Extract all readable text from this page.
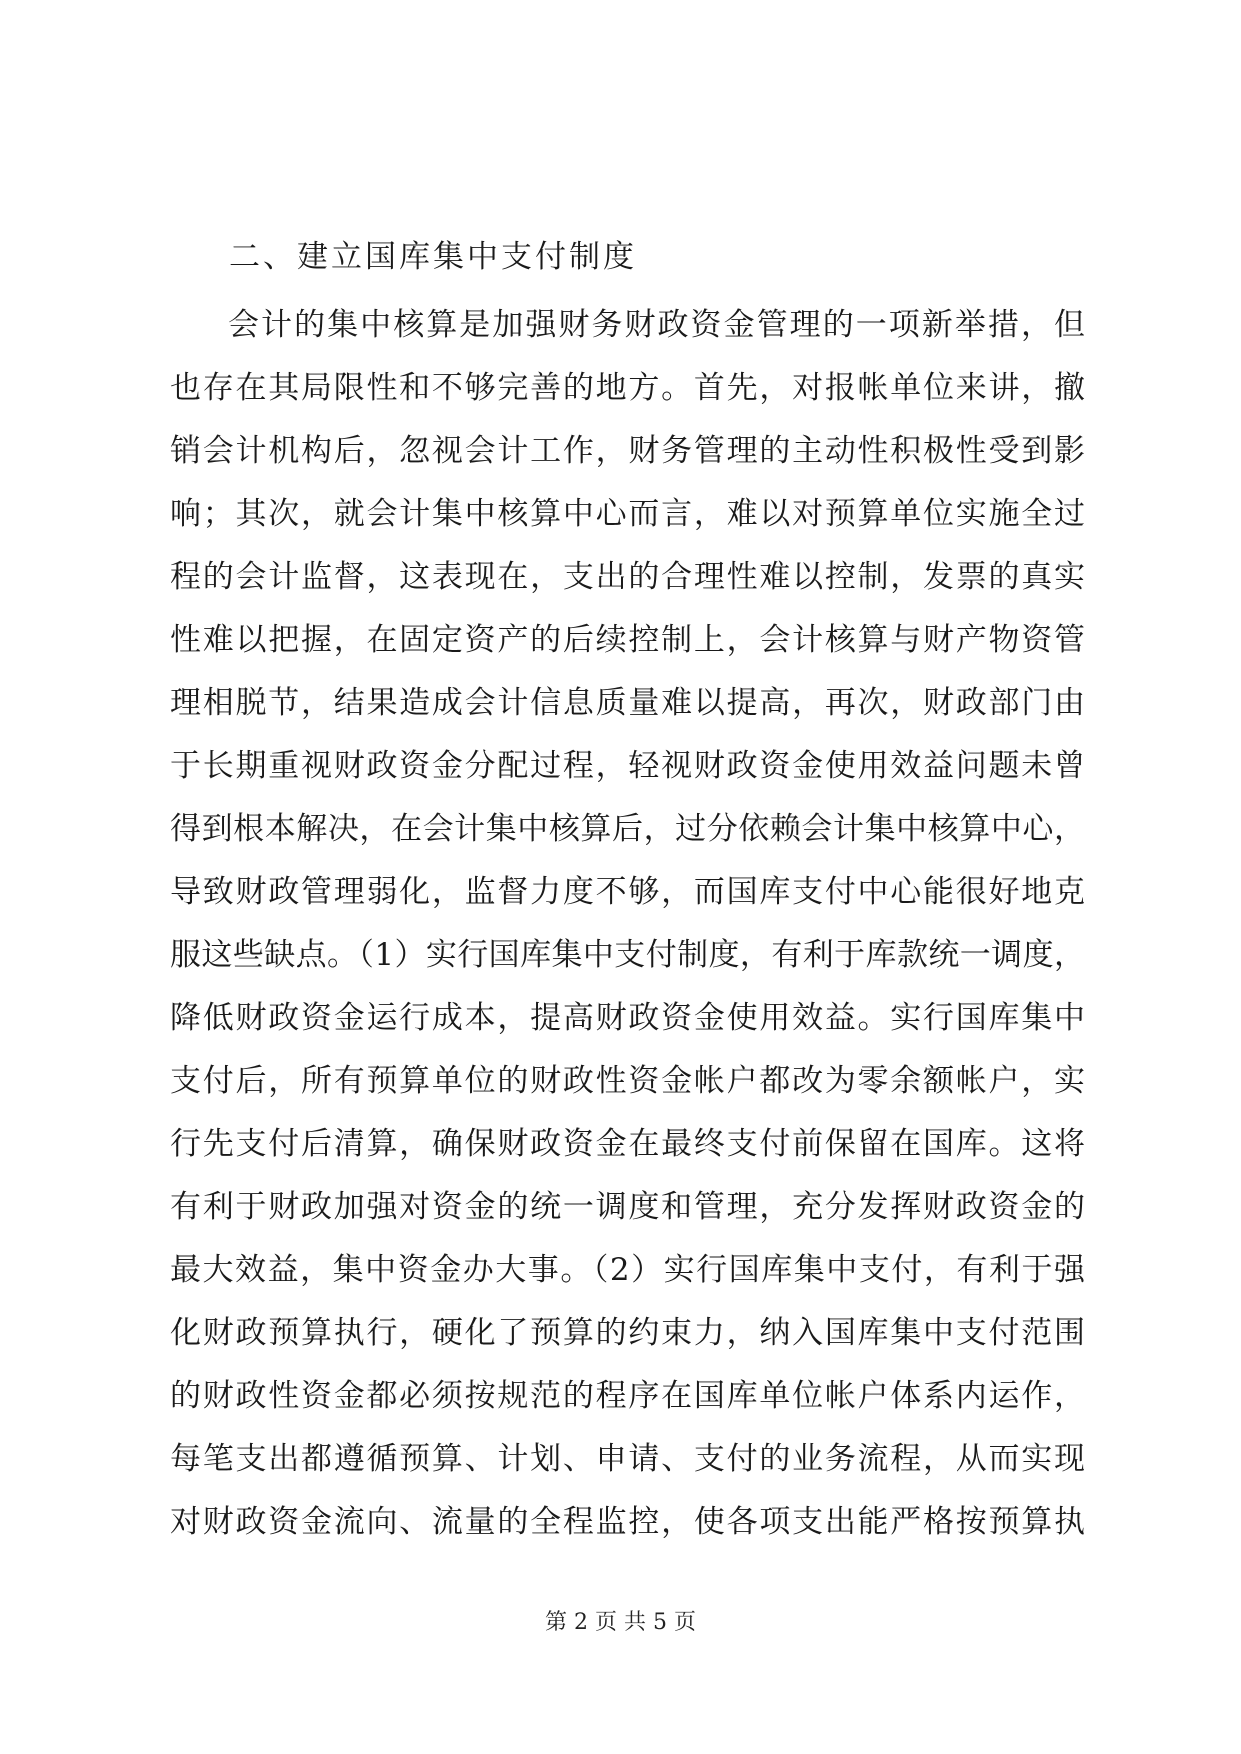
二、建立国库集中支付制度
会计的集中核算是加强财务财政资金管理的一项新举措，但
也存在其局限性和不够完善的地方。首先，对报帐单位来讲，撤
销会计机构后，忽视会计工作，财务管理的主动性积极性受到影
响；其次，就会计集中核算中心而言，难以对预算单位实施全过
程的会计监督，这表现在，支出的合理性难以控制，发票的真实
性难以把握，在固定资产的后续控制上，会计核算与财产物资管
理相脱节，结果造成会计信息质量难以提高，再次，财政部门由
于长期重视财政资金分配过程，轻视财政资金使用效益问题未曾
得到根本解决，在会计集中核算后，过分依赖会计集中核算中心，
导致财政管理弱化，监督力度不够，而国库支付中心能很好地克
服这些缺点。（1）实行国库集中支付制度，有利于库款统一调度，
降低财政资金运行成本，提高财政资金使用效益。实行国库集中
支付后，所有预算单位的财政性资金帐户都改为零余额帐户，实
行先支付后清算，确保财政资金在最终支付前保留在国库。这将
有利于财政加强对资金的统一调度和管理，充分发挥财政资金的
最大效益，集中资金办大事。（2）实行国库集中支付，有利于强
化财政预算执行，硬化了预算的约束力，纳入国库集中支付范围
的财政性资金都必须按规范的程序在国库单位帐户体系内运作，
每笔支出都遵循预算、计划、申请、支付的业务流程，从而实现
对财政资金流向、流量的全程监控，使各项支出能严格按预算执
第 2 页 共 5 页
